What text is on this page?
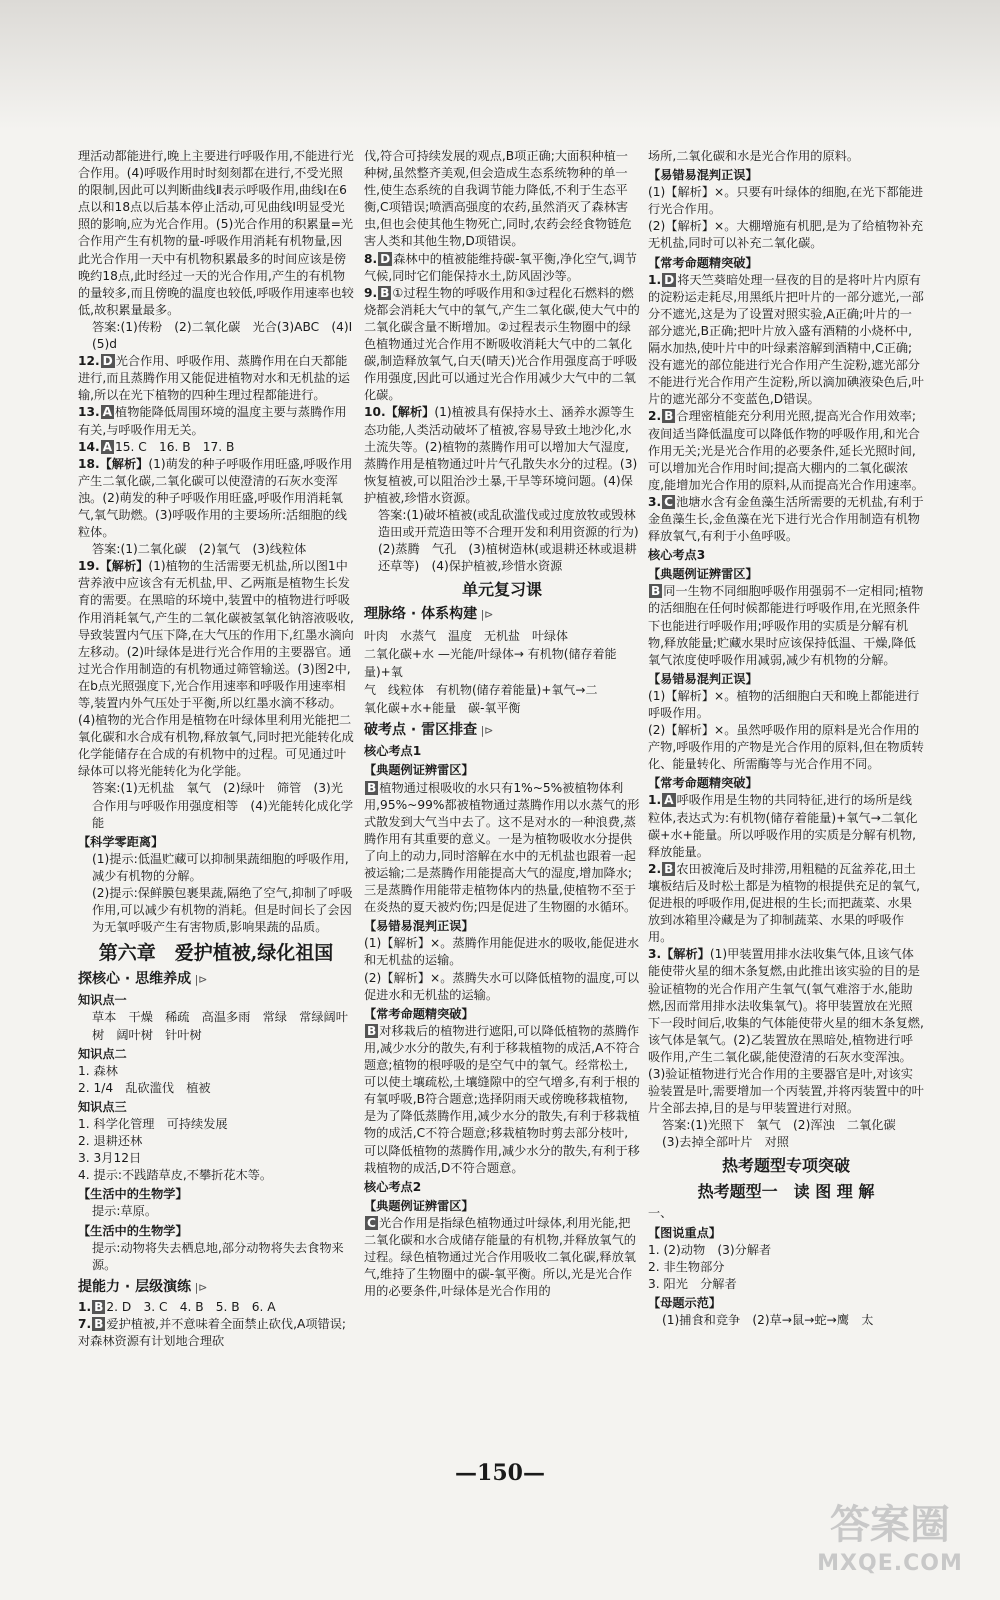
理活动都能进行,晚上主要进行呼吸作用,不能进行光合作用。(4)呼吸作用时时刻刻都在进行,不受光照的限制,因此可以判断曲线Ⅱ表示呼吸作用,曲线Ⅰ在6点以和18点以后基本停止活动,可见曲线Ⅰ明显受光照的影响,应为光合作用。(5)光合作用的积累量=光合作用产生有机物的量-呼吸作用消耗有机物量,因此光合作用一天中有机物积累最多的时间应该是傍晚约18点,此时经过一天的光合作用,产生的有机物的量较多,而且傍晚的温度也较低,呼吸作用速率也较低,故积累量最多。
答案:(1)传粉　(2)二氧化碳　光合(3)ABC　(4)Ⅰ　(5)d
12. D 光合作用、呼吸作用、蒸腾作用在白天都能进行,而且蒸腾作用又能促进植物对水和无机盐的运输,所以在光下植物的四种生理过程都能进行。
13. A 植物能降低周围环境的温度主要与蒸腾作用有关,与呼吸作用无关。
14. A 15. C　16. B　17. B
18.【解析】(1)萌发的种子呼吸作用旺盛,呼吸作用产生二氧化碳,二氧化碳可以使澄清的石灰水变浑浊。(2)萌发的种子呼吸作用旺盛,呼吸作用消耗氧气,氧气助燃。(3)呼吸作用的主要场所:活细胞的线粒体。
答案:(1)二氧化碳　(2)氧气　(3)线粒体
19.【解析】(1)植物的生活需要无机盐,所以图1中营养液中应该含有无机盐,甲、乙两瓶是植物生长发育的需要。在黑暗的环境中,装置中的植物进行呼吸作用消耗氧气,产生的二氧化碳被氢氧化钠溶液吸收,导致装置内气压下降,在大气压的作用下,红墨水滴向左移动。(2)叶绿体是进行光合作用的主要器官。通过光合作用制造的有机物通过筛管输送。(3)图2中,在b点光照强度下,光合作用速率和呼吸作用速率相等,装置内外气压处于平衡,所以红墨水滴不移动。(4)植物的光合作用是植物在叶绿体里利用光能把二氧化碳和水合成有机物,释放氧气,同时把光能转化成化学能储存在合成的有机物中的过程。可见通过叶绿体可以将光能转化为化学能。
答案:(1)无机盐　氧气　(2)绿叶　筛管　(3)光合作用与呼吸作用强度相等　(4)光能转化成化学能
【科学零距离】
(1)提示:低温贮藏可以抑制果蔬细胞的呼吸作用,减少有机物的分解。
(2)提示:保鲜膜包裹果蔬,隔绝了空气,抑制了呼吸作用,可以减少有机物的消耗。但是时间长了会因为无氧呼吸产生有害物质,影响果蔬的品质。
第六章　爱护植被,绿化祖国
探核心 · 思维养成 |⊳
知识点一
草本　干燥　稀疏　高温多雨　常绿　常绿阔叶树　阔叶树　针叶树
知识点二
1. 森林
2. 1/4　乱砍滥伐　植被
知识点三
1. 科学化管理　可持续发展
2. 退耕还林
3. 3月12日
4. 提示:不践踏草皮,不攀折花木等。
【生活中的生物学】
提示:草原。
【生活中的生物学】
提示:动物将失去栖息地,部分动物将失去食物来源。
提能力 · 层级演练 |⊳
1. B 2. D　3. C　4. B　5. B　6. A
7. B 爱护植被,并不意味着全面禁止砍伐,A项错误;对森林资源有计划地合理砍
伐,符合可持续发展的观点,B项正确;大面积种植一种树,虽然整齐美观,但会造成生态系统物种的单一性,使生态系统的自我调节能力降低,不利于生态平衡,C项错误;喷洒高强度的农药,虽然消灭了森林害虫,但也会使其他生物死亡,同时,农药会经食物链危害人类和其他生物,D项错误。
8. D 森林中的植被能维持碳-氧平衡,净化空气,调节气候,同时它们能保持水土,防风固沙等。
9. B ①过程生物的呼吸作用和③过程化石燃料的燃烧都会消耗大气中的氧气,产生二氧化碳,使大气中的二氧化碳含量不断增加。②过程表示生物圈中的绿色植物通过光合作用不断吸收消耗大气中的二氧化碳,制造释放氧气,白天(晴天)光合作用强度高于呼吸作用强度,因此可以通过光合作用减少大气中的二氧化碳。
10.【解析】(1)植被具有保持水土、涵养水源等生态功能,人类活动破坏了植被,容易导致土地沙化,水土流失等。(2)植物的蒸腾作用可以增加大气湿度,蒸腾作用是植物通过叶片气孔散失水分的过程。(3)恢复植被,可以阻治沙土暴,干旱等环境问题。(4)保护植被,珍惜水资源。
答案:(1)破坏植被(或乱砍滥伐或过度放牧或毁林造田或开荒造田等不合理开发和利用资源的行为)　(2)蒸腾　气孔　(3)植树造林(或退耕还林或退耕还草等)　(4)保护植被,珍惜水资源
单元复习课
理脉络 · 体系构建 |⊳
叶肉　水蒸气　温度　无机盐　叶绿体
二氧化碳+水 —光能/叶绿体→ 有机物(储存着能量)+氧
气　线粒体　有机物(储存着能量)+氧气→二
氧化碳+水+能量　碳-氧平衡
破考点 · 雷区排查 |⊳
核心考点1
【典题例证辨雷区】
B 植物通过根吸收的水只有1%~5%被植物体利用,95%~99%都被植物通过蒸腾作用以水蒸气的形式散发到大气当中去了。这不是对水的一种浪费,蒸腾作用有其重要的意义。一是为植物吸收水分提供了向上的动力,同时溶解在水中的无机盐也跟着一起被运输;二是蒸腾作用能提高大气的湿度,增加降水;三是蒸腾作用能带走植物体内的热量,使植物不至于在炎热的夏天被灼伤;四是促进了生物圈的水循环。
【易错易混判正误】
(1)【解析】×。蒸腾作用能促进水的吸收,能促进水和无机盐的运输。
(2)【解析】×。蒸腾失水可以降低植物的温度,可以促进水和无机盐的运输。
【常考命题精突破】
B 对移栽后的植物进行遮阳,可以降低植物的蒸腾作用,减少水分的散失,有利于移栽植物的成活,A不符合题意;植物的根呼吸的是空气中的氧气。经常松土,可以使土壤疏松,土壤缝隙中的空气增多,有利于根的有氧呼吸,B符合题意;选择阴雨天或傍晚移栽植物,是为了降低蒸腾作用,减少水分的散失,有利于移栽植物的成活,C不符合题意;移栽植物时剪去部分枝叶,可以降低植物的蒸腾作用,减少水分的散失,有利于移栽植物的成活,D不符合题意。
核心考点2
【典题例证辨雷区】
C 光合作用是指绿色植物通过叶绿体,利用光能,把二氧化碳和水合成储存能量的有机物,并释放氧气的过程。绿色植物通过光合作用吸收二氧化碳,释放氧气,维持了生物圈中的碳-氧平衡。所以,光是光合作用的必要条件,叶绿体是光合作用的
场所,二氧化碳和水是光合作用的原料。
【易错易混判正误】
(1)【解析】×。只要有叶绿体的细胞,在光下都能进行光合作用。
(2)【解析】×。大棚增施有机肥,是为了给植物补充无机盐,同时可以补充二氧化碳。
【常考命题精突破】
1. D 将天竺葵暗处理一昼夜的目的是将叶片内原有的淀粉运走耗尽,用黑纸片把叶片的一部分遮光,一部分不遮光,这是为了设置对照实验,A正确;叶片的一部分遮光,B正确;把叶片放入盛有酒精的小烧杯中,隔水加热,使叶片中的叶绿素溶解到酒精中,C正确;没有遮光的部位能进行光合作用产生淀粉,遮光部分不能进行光合作用产生淀粉,所以滴加碘液染色后,叶片的遮光部分不变蓝色,D错误。
2. B 合理密植能充分利用光照,提高光合作用效率;夜间适当降低温度可以降低作物的呼吸作用,和光合作用无关;光是光合作用的必要条件,延长光照时间,可以增加光合作用时间;提高大棚内的二氧化碳浓度,能增加光合作用的原料,从而提高光合作用速率。
3. C 池塘水含有金鱼藻生活所需要的无机盐,有利于金鱼藻生长,金鱼藻在光下进行光合作用制造有机物释放氧气,有利于小鱼呼吸。
核心考点3
【典题例证辨雷区】
B 同一生物不同细胞呼吸作用强弱不一定相同;植物的活细胞在任何时候都能进行呼吸作用,在光照条件下也能进行呼吸作用;呼吸作用的实质是分解有机物,释放能量;贮藏水果时应该保持低温、干燥,降低氧气浓度使呼吸作用减弱,减少有机物的分解。
【易错易混判正误】
(1)【解析】×。植物的活细胞白天和晚上都能进行呼吸作用。
(2)【解析】×。虽然呼吸作用的原料是光合作用的产物,呼吸作用的产物是光合作用的原料,但在物质转化、能量转化、所需酶等与光合作用不同。
【常考命题精突破】
1. A 呼吸作用是生物的共同特征,进行的场所是线粒体,表达式为:有机物(储存着能量)+氧气→二氧化碳+水+能量。所以呼吸作用的实质是分解有机物,释放能量。
2. B 农田被淹后及时排涝,用粗糙的瓦盆养花,田土壤板结后及时松土都是为植物的根提供充足的氧气,促进根的呼吸作用,促进根的生长;而把蔬菜、水果放到冰箱里冷藏是为了抑制蔬菜、水果的呼吸作用。
3.【解析】(1)甲装置用排水法收集气体,且该气体能使带火星的细木条复燃,由此推出该实验的目的是验证植物的光合作用产生氧气(氧气难溶于水,能助燃,因而常用排水法收集氧气)。将甲装置放在光照下一段时间后,收集的气体能使带火星的细木条复燃,该气体是氧气。(2)乙装置放在黑暗处,植物进行呼吸作用,产生二氧化碳,能使澄清的石灰水变浑浊。(3)验证植物进行光合作用的主要器官是叶,对该实验装置是叶,需要增加一个丙装置,并将丙装置中的叶片全部去掉,目的是与甲装置进行对照。
答案:(1)光照下　氧气　(2)浑浊　二氧化碳　(3)去掉全部叶片　对照
热考题型专项突破
热考题型一　读 图 理 解
一、
【图说重点】
1. (2)动物　(3)分解者
2. 非生物部分
3. 阳光　分解者
【母题示范】
(1)捕食和竞争　(2)草→鼠→蛇→鹰　太
—150—
答案圈
MXQE.COM
